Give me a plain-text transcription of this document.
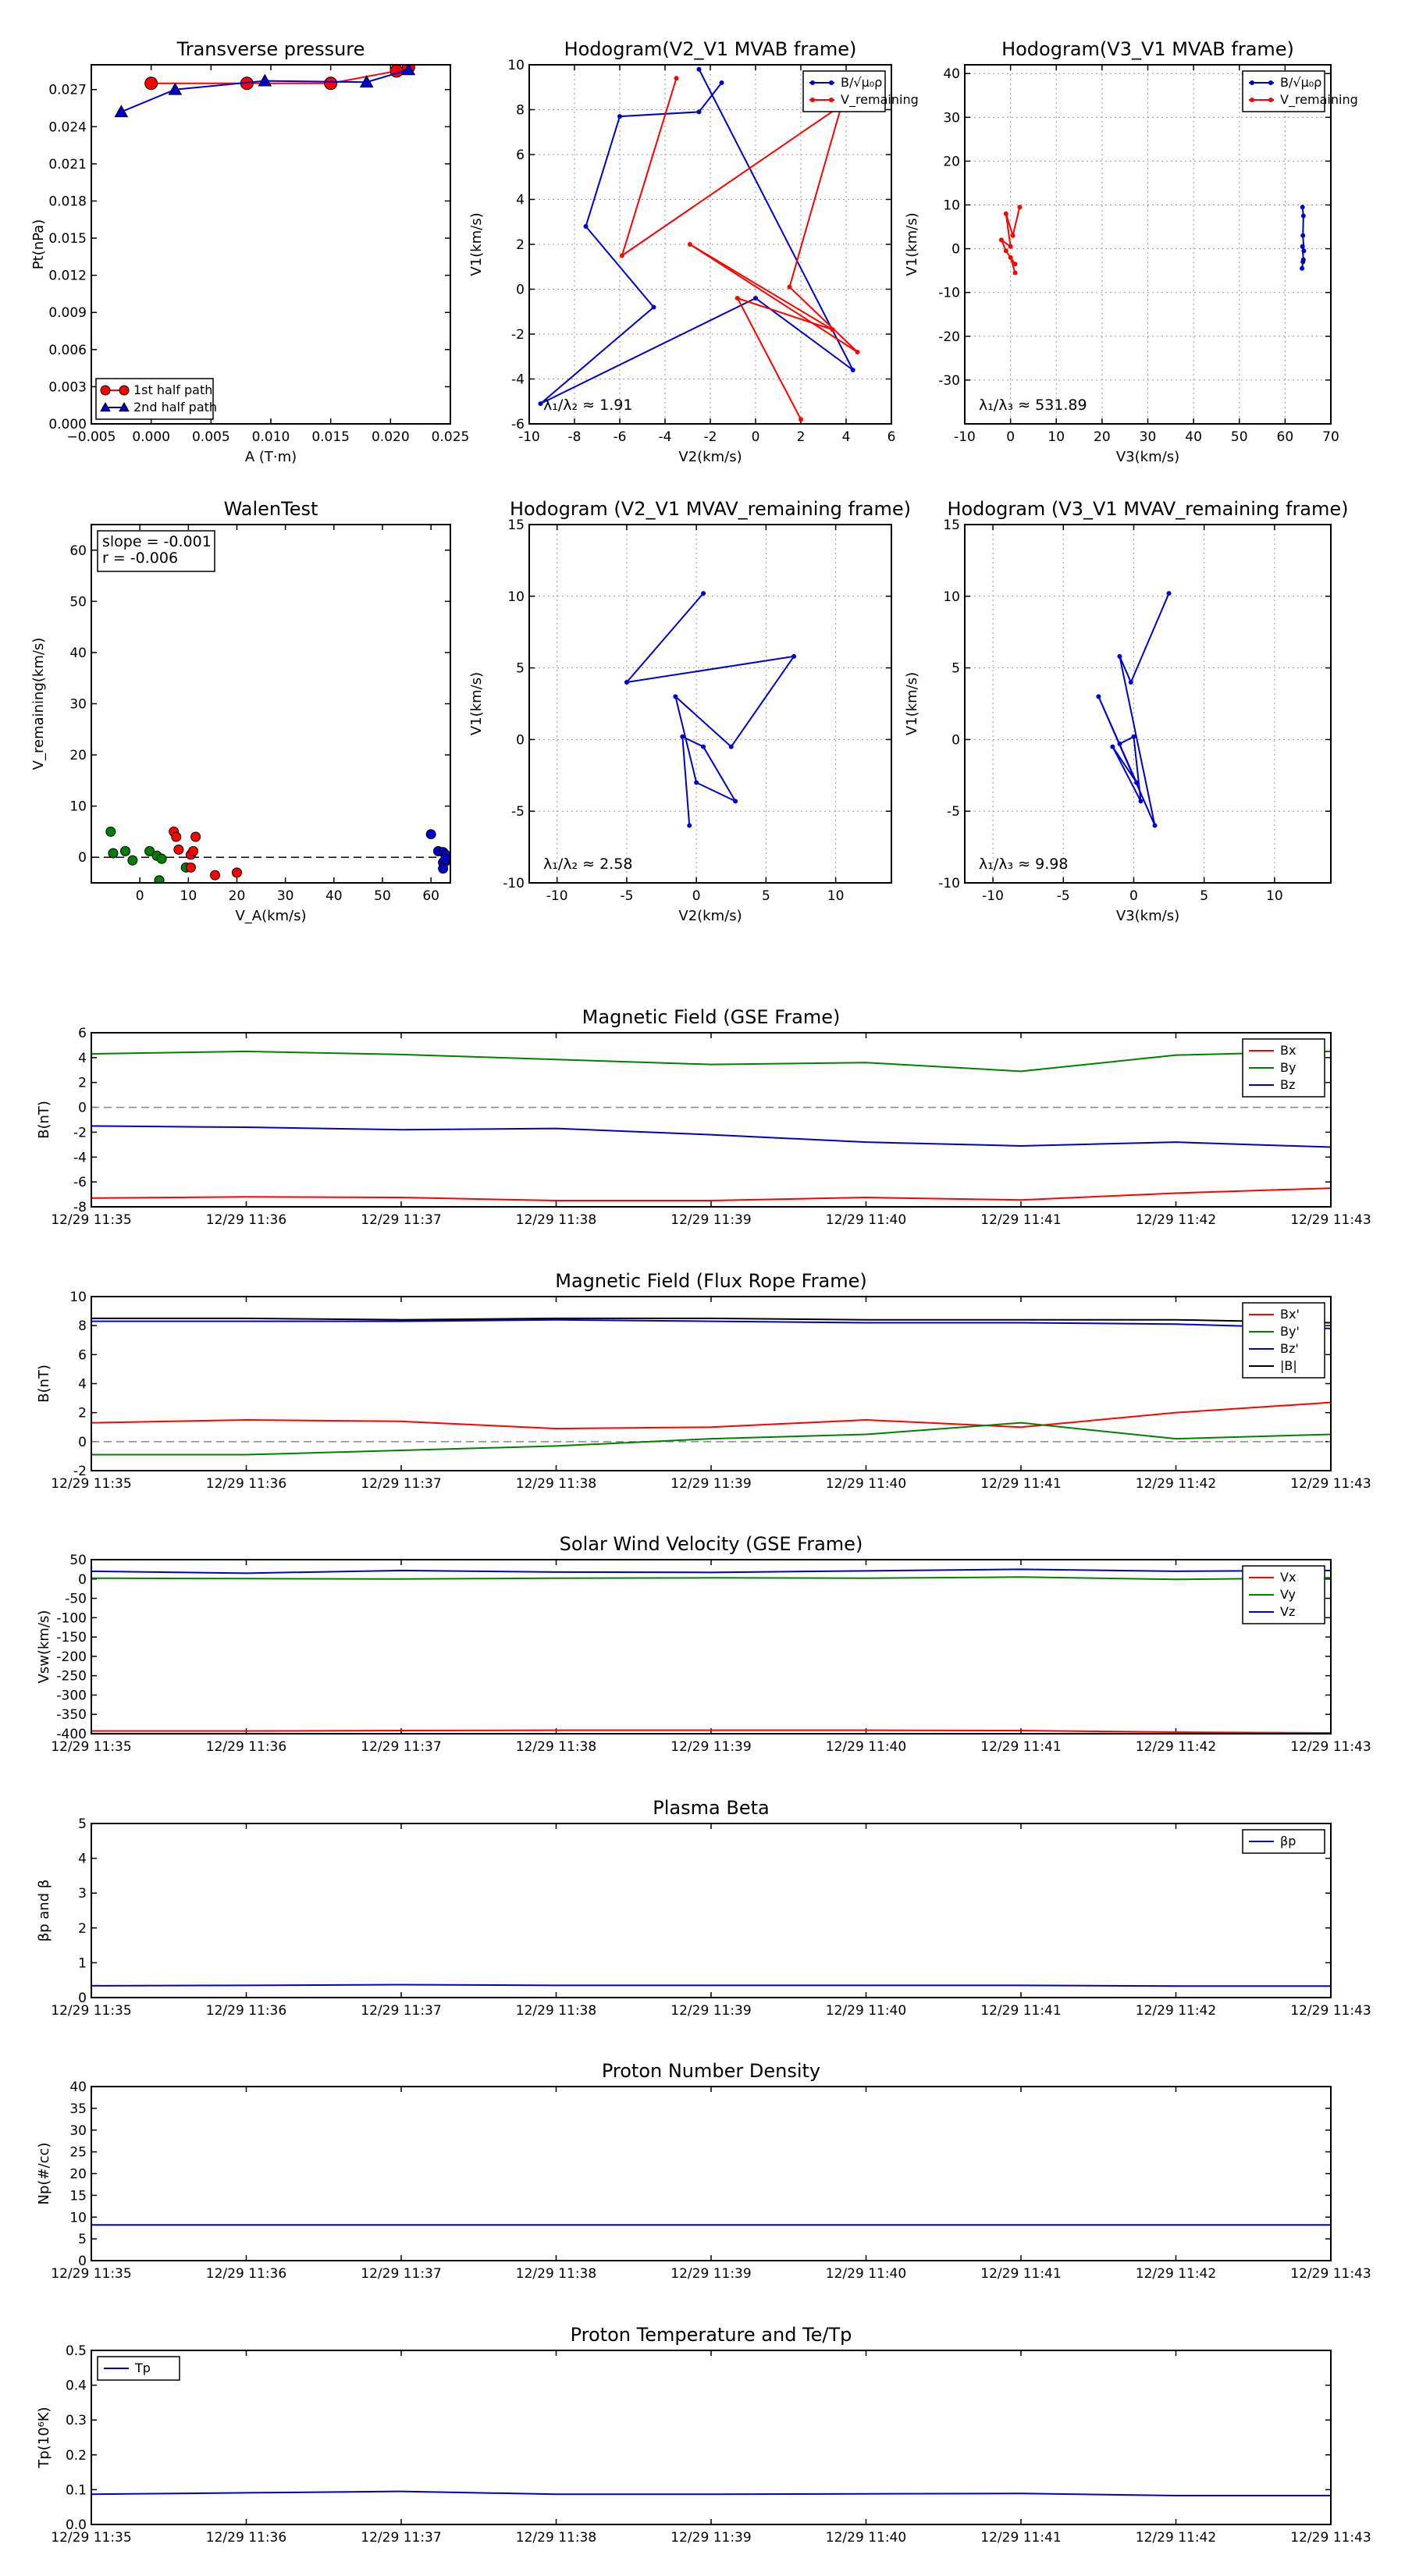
Transverse pressure
−0.005 0.000 0.005 0.010 0.015 0.020 0.025
0.000
0.003
0.006
0.009
0.012
0.015
0.018
0.021
0.024
0.027
A (T·m)
Pt(nPa)
1st half path
2nd half path
Hodogram(V2_V1 MVAB frame)
-10 -8 -6 -4 -2	0	2	4	6
-6
-4
-2
0
2
4
6
8
10
V2(km/s)
V1(km/s)
λ₁/λ₂ ≈ 1.91
B/√μ₀ρ
V_remaining
Hodogram(V3_V1 MVAB frame)
-10 0 10 20 30 40 50 60 70
-30
-20
-10
0
10
20
30
40
V3(km/s)
V1(km/s)
λ₁/λ₃ ≈ 531.89
B/√μ₀ρ
V_remaining
WalenTest
0	10 20 30 40 50 60
0
10
20
30
40
50
60
V_A(km/s)
V_remaining(km/s)
slope = -0.001
r = -0.006
Hodogram (V2_V1 MVAV_remaining frame)
-10	-5	0	5	10
-10
-5
0
5
10
15
V2(km/s)
V1(km/s)
λ₁/λ₂ ≈ 2.58
Hodogram (V3_V1 MVAV_remaining frame)
-10	-5	0	5	10
-10
-5
0
5
10
15
V3(km/s)
V1(km/s)
λ₁/λ₃ ≈ 9.98
Magnetic Field (GSE Frame)
12/29 11:35	12/29 11:36	12/29 11:37	12/29 11:38	12/29 11:39	12/29 11:40	12/29 11:41	12/29 11:42	12/29 11:43
-8
-6
-4
-2
0
2
4
6
B(nT)
Bx
By
Bz
Magnetic Field (Flux Rope Frame)
12/29 11:35	12/29 11:36	12/29 11:37	12/29 11:38	12/29 11:39	12/29 11:40	12/29 11:41	12/29 11:42	12/29 11:43
-2
0
2
4
6
8
10
B(nT)
Bx'
By'
Bz'
|B|
Solar Wind Velocity (GSE Frame)
12/29 11:35	12/29 11:36	12/29 11:37	12/29 11:38	12/29 11:39	12/29 11:40	12/29 11:41	12/29 11:42	12/29 11:43
-400
-350
-300
-250
-200
-150
-100
-50
0
50
Vsw(km/s)
Vx
Vy
Vz
Plasma Beta
12/29 11:35	12/29 11:36	12/29 11:37	12/29 11:38	12/29 11:39	12/29 11:40	12/29 11:41	12/29 11:42	12/29 11:43
0
1
2
3
4
5
βp and β
βp
Proton Number Density
12/29 11:35	12/29 11:36	12/29 11:37	12/29 11:38	12/29 11:39	12/29 11:40	12/29 11:41	12/29 11:42	12/29 11:43
0
5
10
15
20
25
30
35
40
Np(#/cc)
Proton Temperature and Te/Tp
12/29 11:35	12/29 11:36	12/29 11:37	12/29 11:38	12/29 11:39	12/29 11:40	12/29 11:41	12/29 11:42	12/29 11:43
0.0
0.1
0.2
0.3
0.4
0.5
Tp(10⁶K)
Tp
